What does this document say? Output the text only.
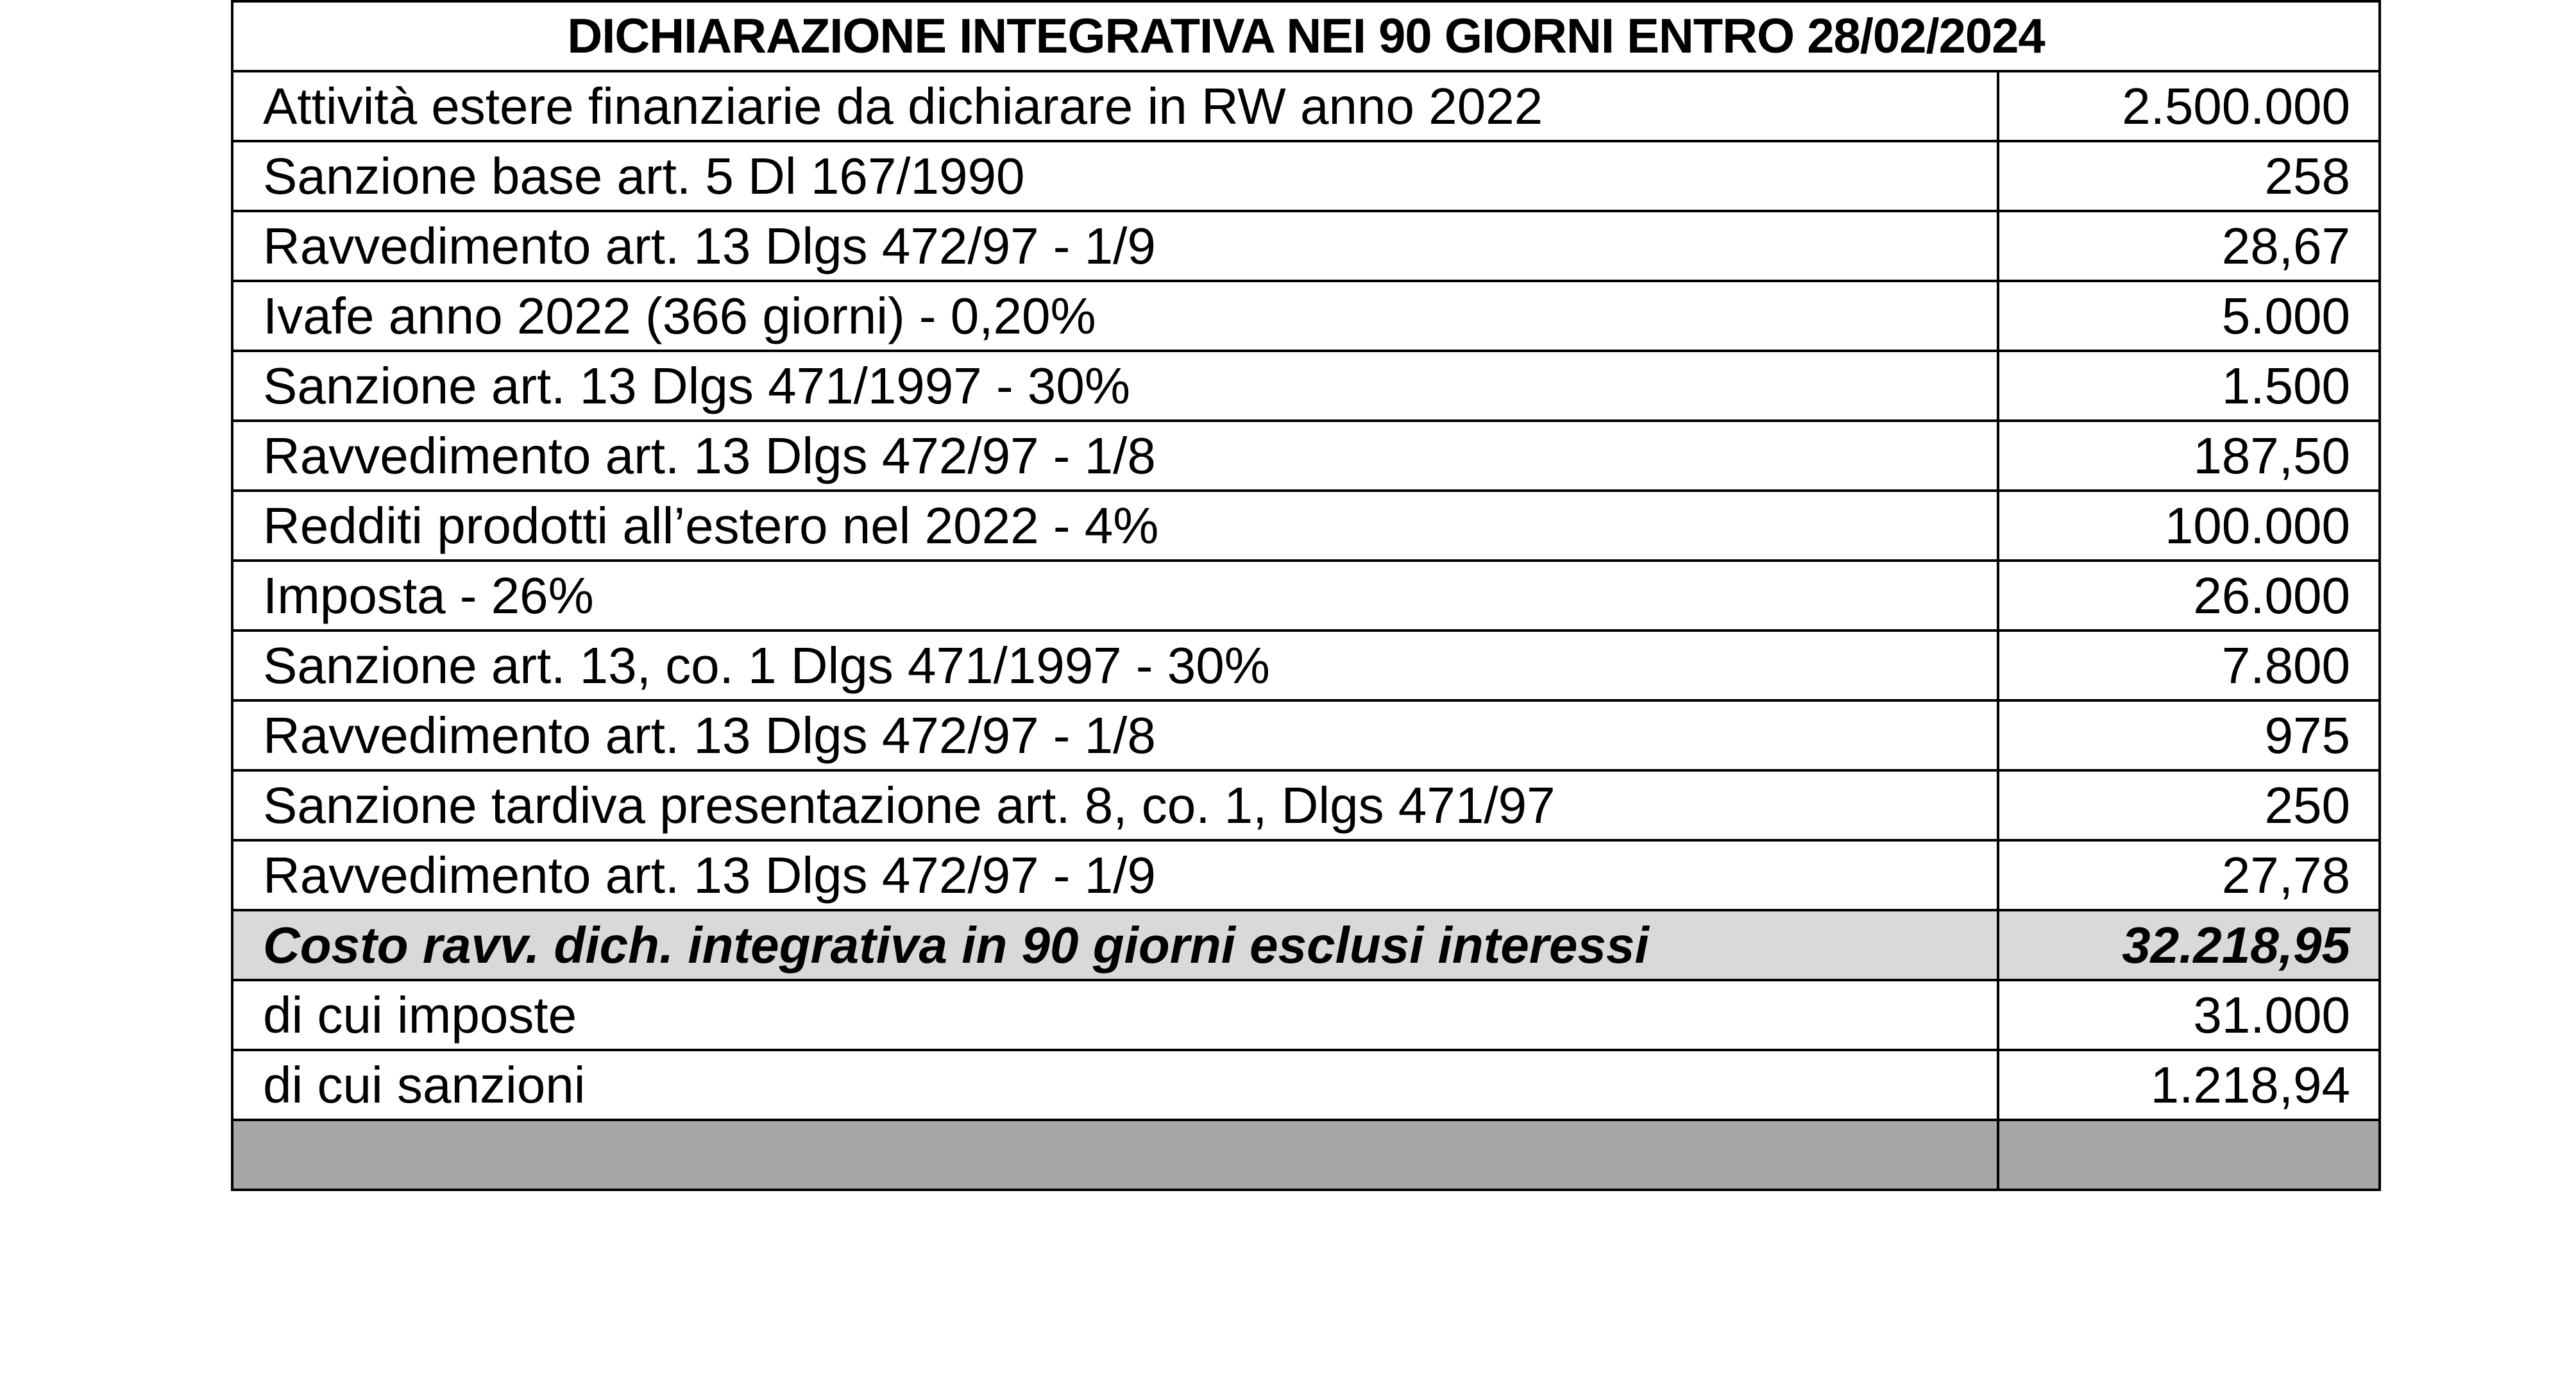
DICHIARAZIONE INTEGRATIVA NEI 90 GIORNI ENTRO 28/02/2024	
Attività estere finanziarie da dichiarare in RW anno 2022	2.500.000
Sanzione base art. 5 Dl 167/1990	258
Ravvedimento art. 13 Dlgs 472/97 - 1/9	28,67
Ivafe anno 2022 (366 giorni) - 0,20%	5.000
Sanzione art. 13 Dlgs 471/1997 - 30%	1.500
Ravvedimento art. 13 Dlgs 472/97 - 1/8	187,50
Redditi prodotti all’estero nel 2022 - 4%	100.000
Imposta - 26%	26.000
Sanzione art. 13, co. 1 Dlgs 471/1997 - 30%	7.800
Ravvedimento art. 13 Dlgs 472/97 - 1/8	975
Sanzione tardiva presentazione art. 8, co. 1, Dlgs 471/97	250
Ravvedimento art. 13 Dlgs 472/97 - 1/9	27,78
Costo ravv. dich. integrativa in 90 giorni esclusi interessi	32.218,95
di cui imposte	31.000
di cui sanzioni	1.218,94
